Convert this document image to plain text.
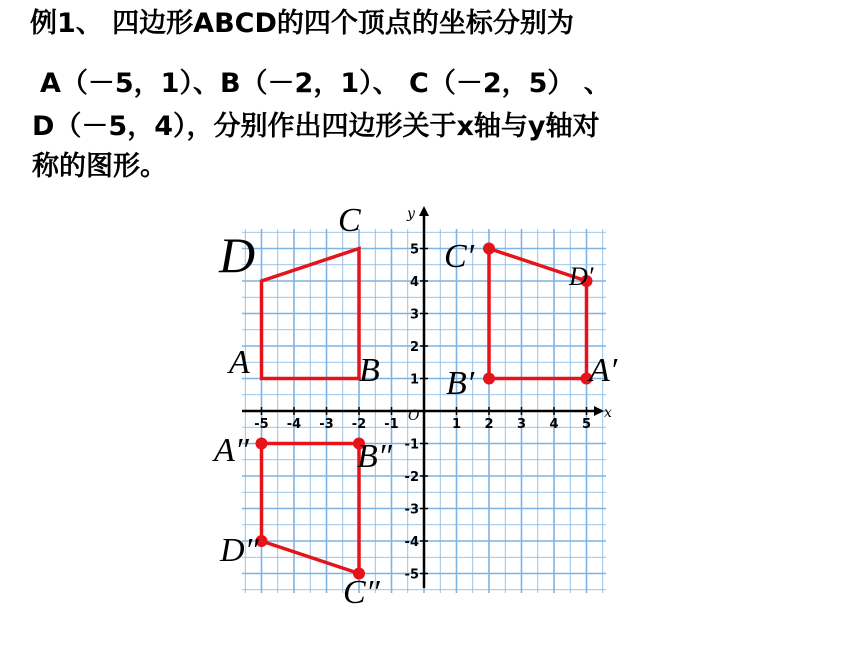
例1、 四边形ABCD的四个顶点的坐标分别为
A（－5，1）、B（－2，1）、 C（－2，5） 、
D（－5，4），分别作出四边形关于x轴与y轴对
称的图形。
-5 -4 -3 -2 -1	1 2 3 4 5
5
4
3
2
1
-1
-2
-3
-4
-5
x
y
O
A	B
C
D
A′
B′
C′
D′
A″	B″
C″
D″
